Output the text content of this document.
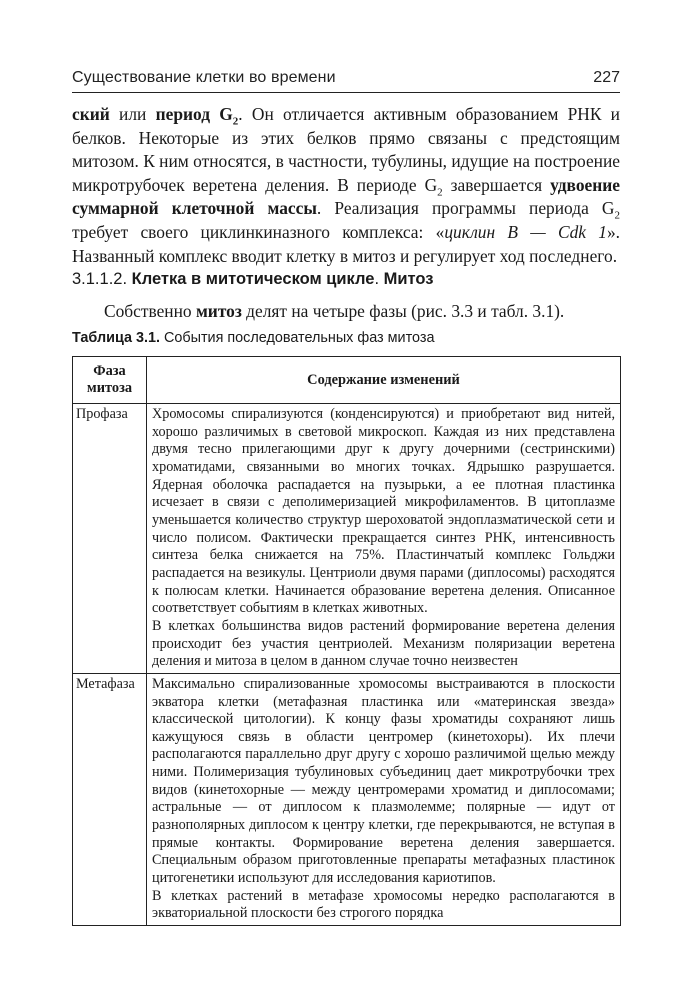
Существование клетки во времени	227
ский или период $G_2$. Он отличается активным образованием РНК и белков. Некоторые из этих белков прямо связаны с предстоящим митозом. К ним относятся, в частности, тубулины, идущие на построение микротрубочек веретена деления. В периоде $G_2$ завершается удвоение суммарной клеточной массы. Реализация программы периода $G_2$ требует своего циклинкиназного комплекса: «циклин В — Cdk 1». Названный комплекс вводит клетку в митоз и регулирует ход последнего.
3.1.1.2. Клетка в митотическом цикле. Митоз
Собственно митоз делят на четыре фазы (рис. 3.3 и табл. 3.1).
Таблица 3.1. События последовательных фаз митоза
Фаза митоза	Содержание изменений
Профаза	Хромосомы спирализуются (конденсируются) и приобретают вид нитей, хорошо различимых в световой микроскоп. Каждая из них представлена двумя тесно прилегающими друг к другу дочерними (сестринскими) хроматидами, связанными во многих точках. Ядрышко разрушается. Ядерная оболочка распадается на пузырьки, а ее плотная пластинка исчезает в связи с деполимеризацией микрофиламентов. В цитоплазме уменьшается количество структур шероховатой эндоплазматической сети и число полисом. Фактически прекращается синтез РНК, интенсивность синтеза белка снижается на 75%. Пластинчатый комплекс Гольджи распадается на везикулы. Центриоли двумя парами (диплосомы) расходятся к полюсам клетки. Начинается образование веретена деления. Описанное соответствует событиям в клетках животных.

В клетках большинства видов растений формирование веретена деления происходит без участия центриолей. Механизм поляризации веретена деления и митоза в целом в данном случае точно неизвестен

Метафаза	Максимально спирализованные хромосомы выстраиваются в плоскости экватора клетки (метафазная пластинка или «материнская звезда» классической цитологии). К концу фазы хроматиды сохраняют лишь кажущуюся связь в области центромер (кинетохоры). Их плечи располагаются параллельно друг другу с хорошо различимой щелью между ними. Полимеризация тубулиновых субъединиц дает микротрубочки трех видов (кинетохорные — между центромерами хроматид и диплосомами; астральные — от диплосом к плазмолемме; полярные — идут от разнополярных диплосом к центру клетки, где перекрываются, не вступая в прямые контакты. Формирование веретена деления завершается. Специальным образом приготовленные препараты метафазных пластинок цитогенетики используют для исследования кариотипов.

В клетках растений в метафазе хромосомы нередко располагаются в экваториальной плоскости без строгого порядка
